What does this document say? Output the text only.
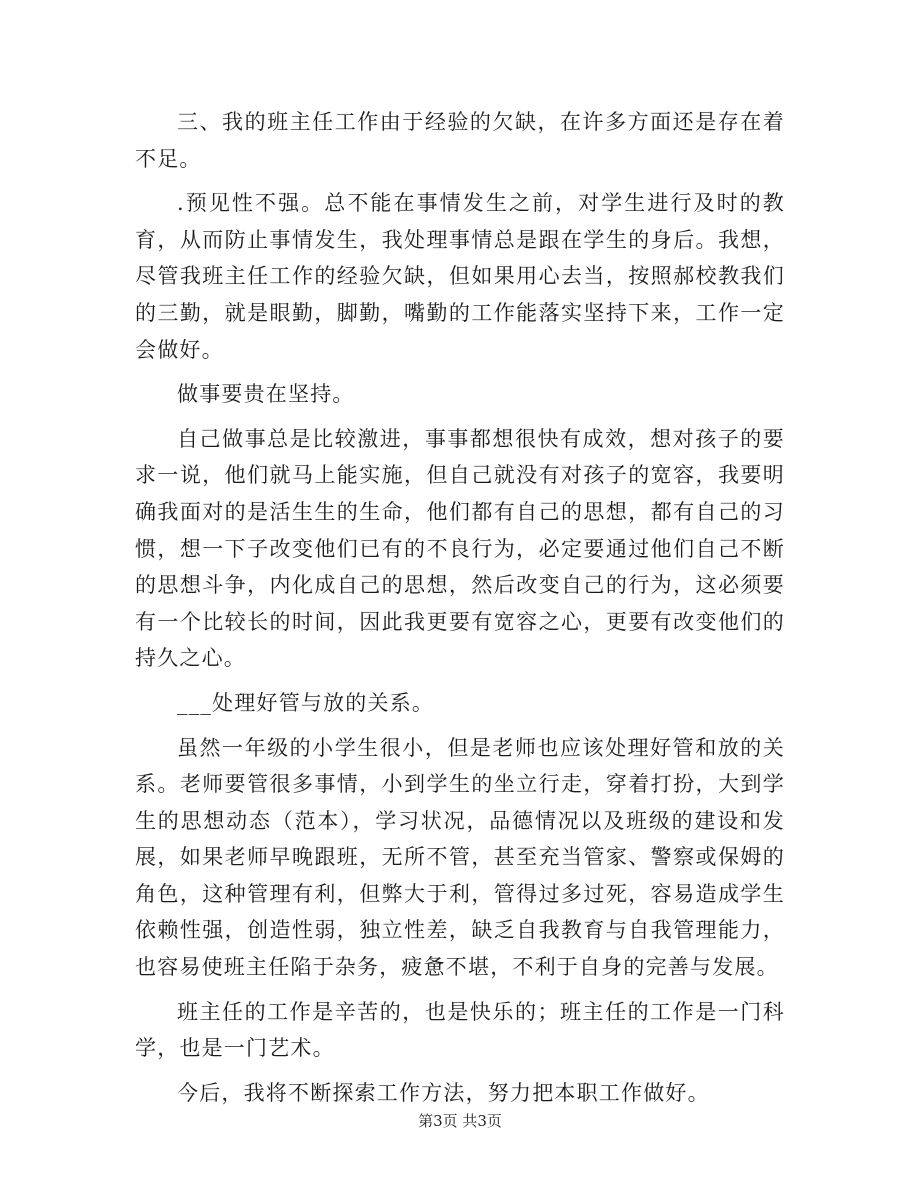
三、我的班主任工作由于经验的欠缺，在许多方面还是存在着不足。

.预见性不强。总不能在事情发生之前，对学生进行及时的教育，从而防止事情发生，我处理事情总是跟在学生的身后。我想，尽管我班主任工作的经验欠缺，但如果用心去当，按照郝校教我们的三勤，就是眼勤，脚勤，嘴勤的工作能落实坚持下来，工作一定会做好。

做事要贵在坚持。

自己做事总是比较激进，事事都想很快有成效，想对孩子的要求一说，他们就马上能实施，但自己就没有对孩子的宽容，我要明确我面对的是活生生的生命，他们都有自己的思想，都有自己的习惯，想一下子改变他们已有的不良行为，必定要通过他们自己不断的思想斗争，内化成自己的思想，然后改变自己的行为，这必须要有一个比较长的时间，因此我更要有宽容之心，更要有改变他们的持久之心。

___处理好管与放的关系。

虽然一年级的小学生很小，但是老师也应该处理好管和放的关系。老师要管很多事情，小到学生的坐立行走，穿着打扮，大到学生的思想动态（范本），学习状况，品德情况以及班级的建设和发展，如果老师早晚跟班，无所不管，甚至充当管家、警察或保姆的角色，这种管理有利，但弊大于利，管得过多过死，容易造成学生依赖性强，创造性弱，独立性差，缺乏自我教育与自我管理能力，也容易使班主任陷于杂务，疲惫不堪，不利于自身的完善与发展。

班主任的工作是辛苦的，也是快乐的；班主任的工作是一门科学，也是一门艺术。

今后，我将不断探索工作方法，努力把本职工作做好。

第3页 共3页
